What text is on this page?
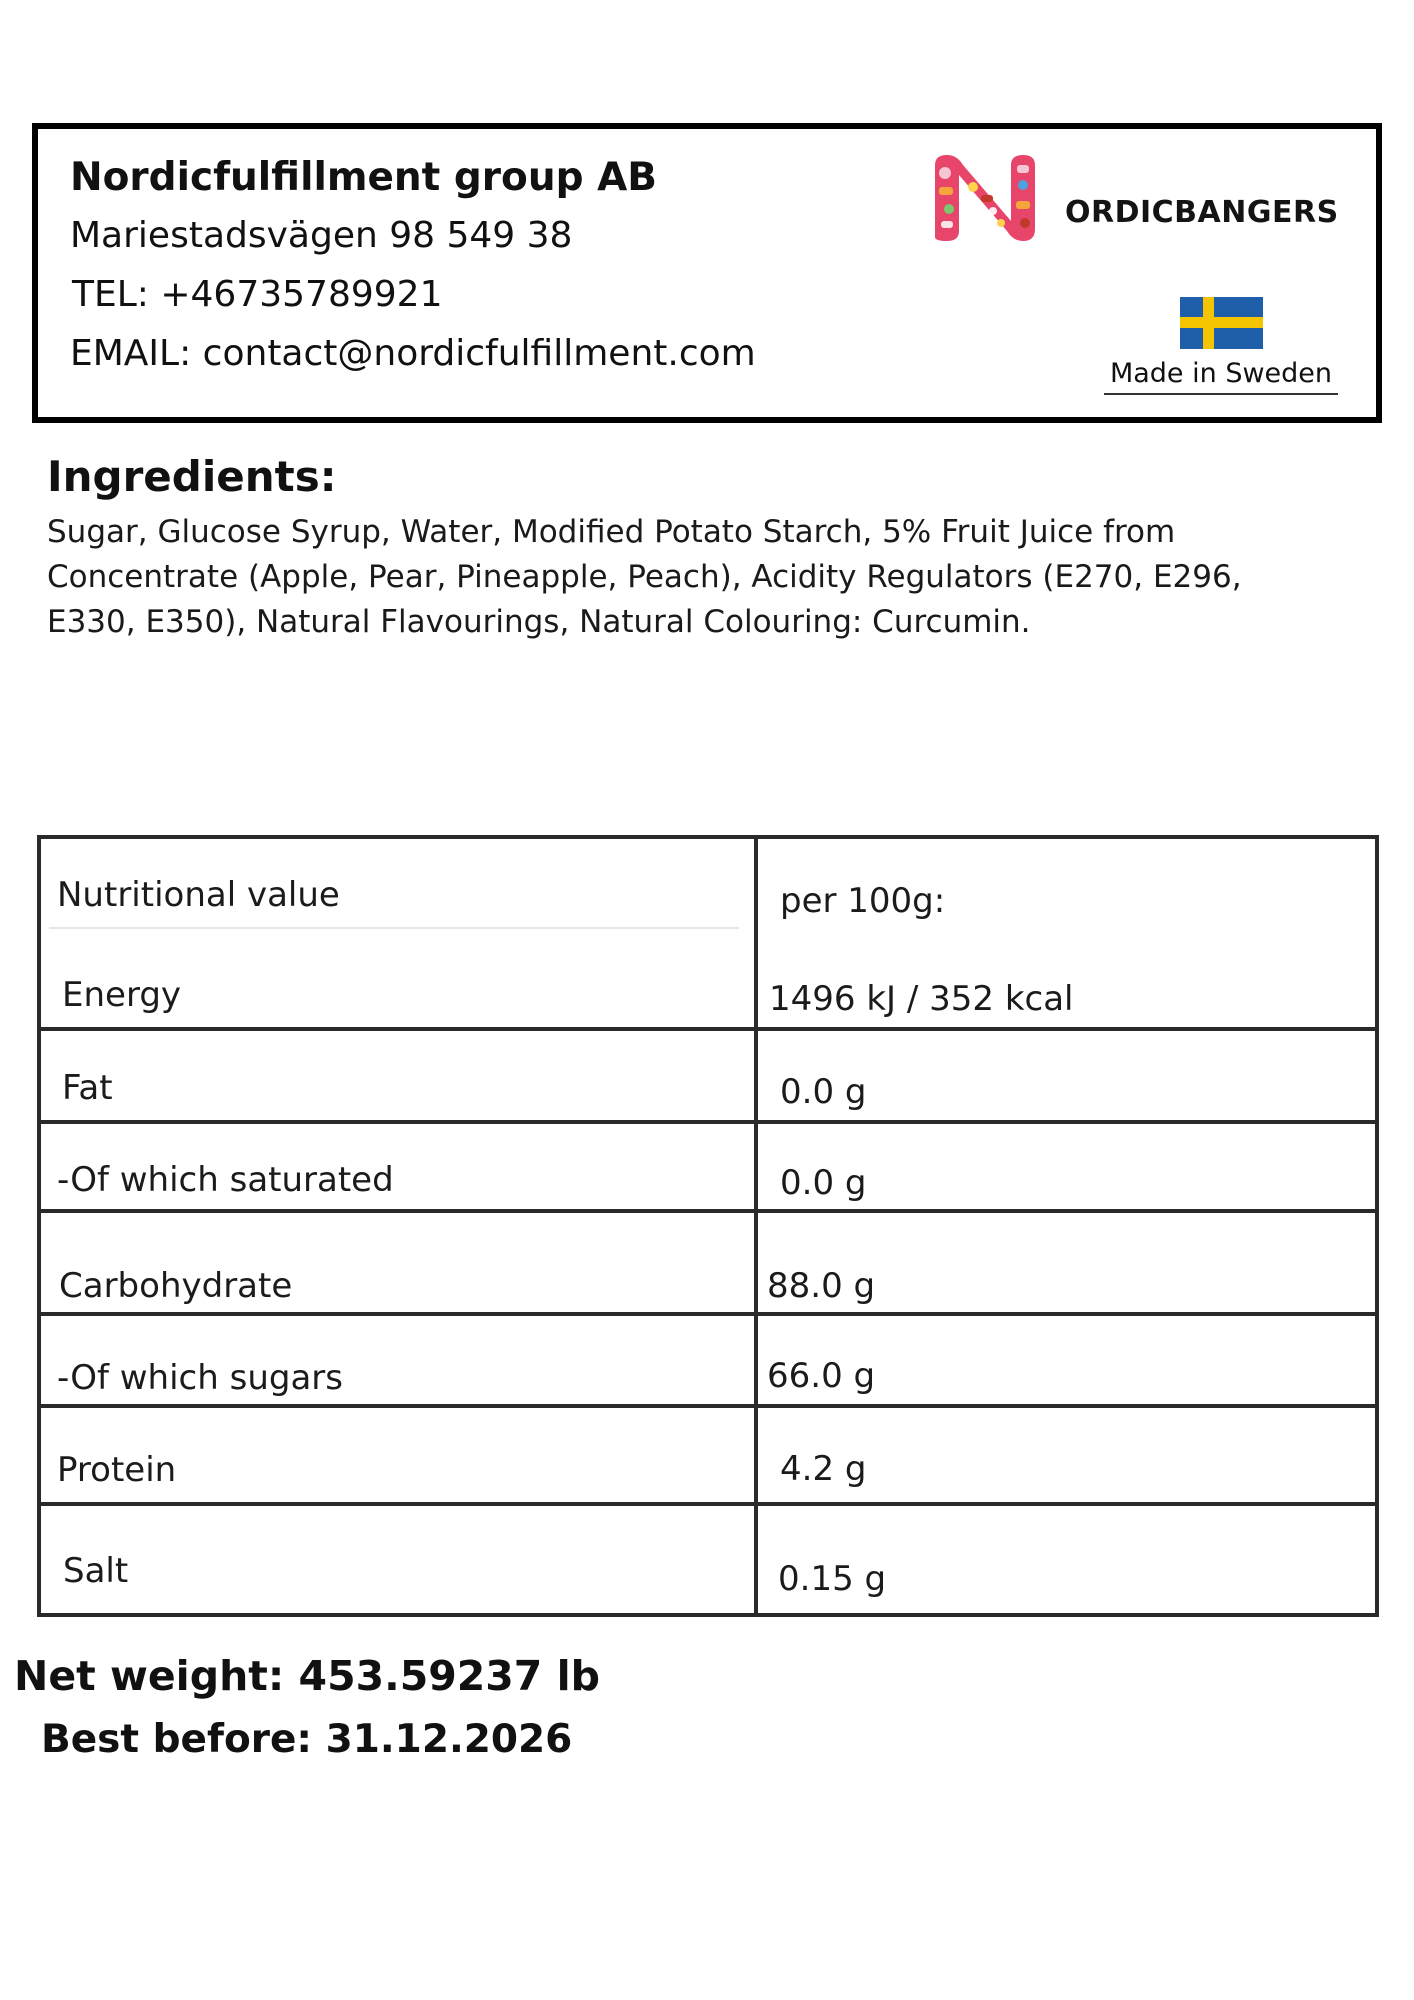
Nordicfulfillment group AB
Mariestadsvägen 98 549 38
TEL: +46735789921
EMAIL: contact@nordicfulfillment.com
ORDICBANGERS
Made in Sweden
Ingredients:
Sugar, Glucose Syrup, Water, Modified Potato Starch, 5% Fruit Juice from Concentrate (Apple, Pear, Pineapple, Peach), Acidity Regulators (E270, E296, E330, E350), Natural Flavourings, Natural Colouring: Curcumin.
Nutritional value	per 100g:
Energy	1496 kJ / 352 kcal
Fat	0.0 g
-Of which saturated	0.0 g
Carbohydrate	88.0 g
-Of which sugars	66.0 g
Protein	4.2 g
Salt	0.15 g
Net weight: 453.59237 lb
Best before: 31.12.2026
